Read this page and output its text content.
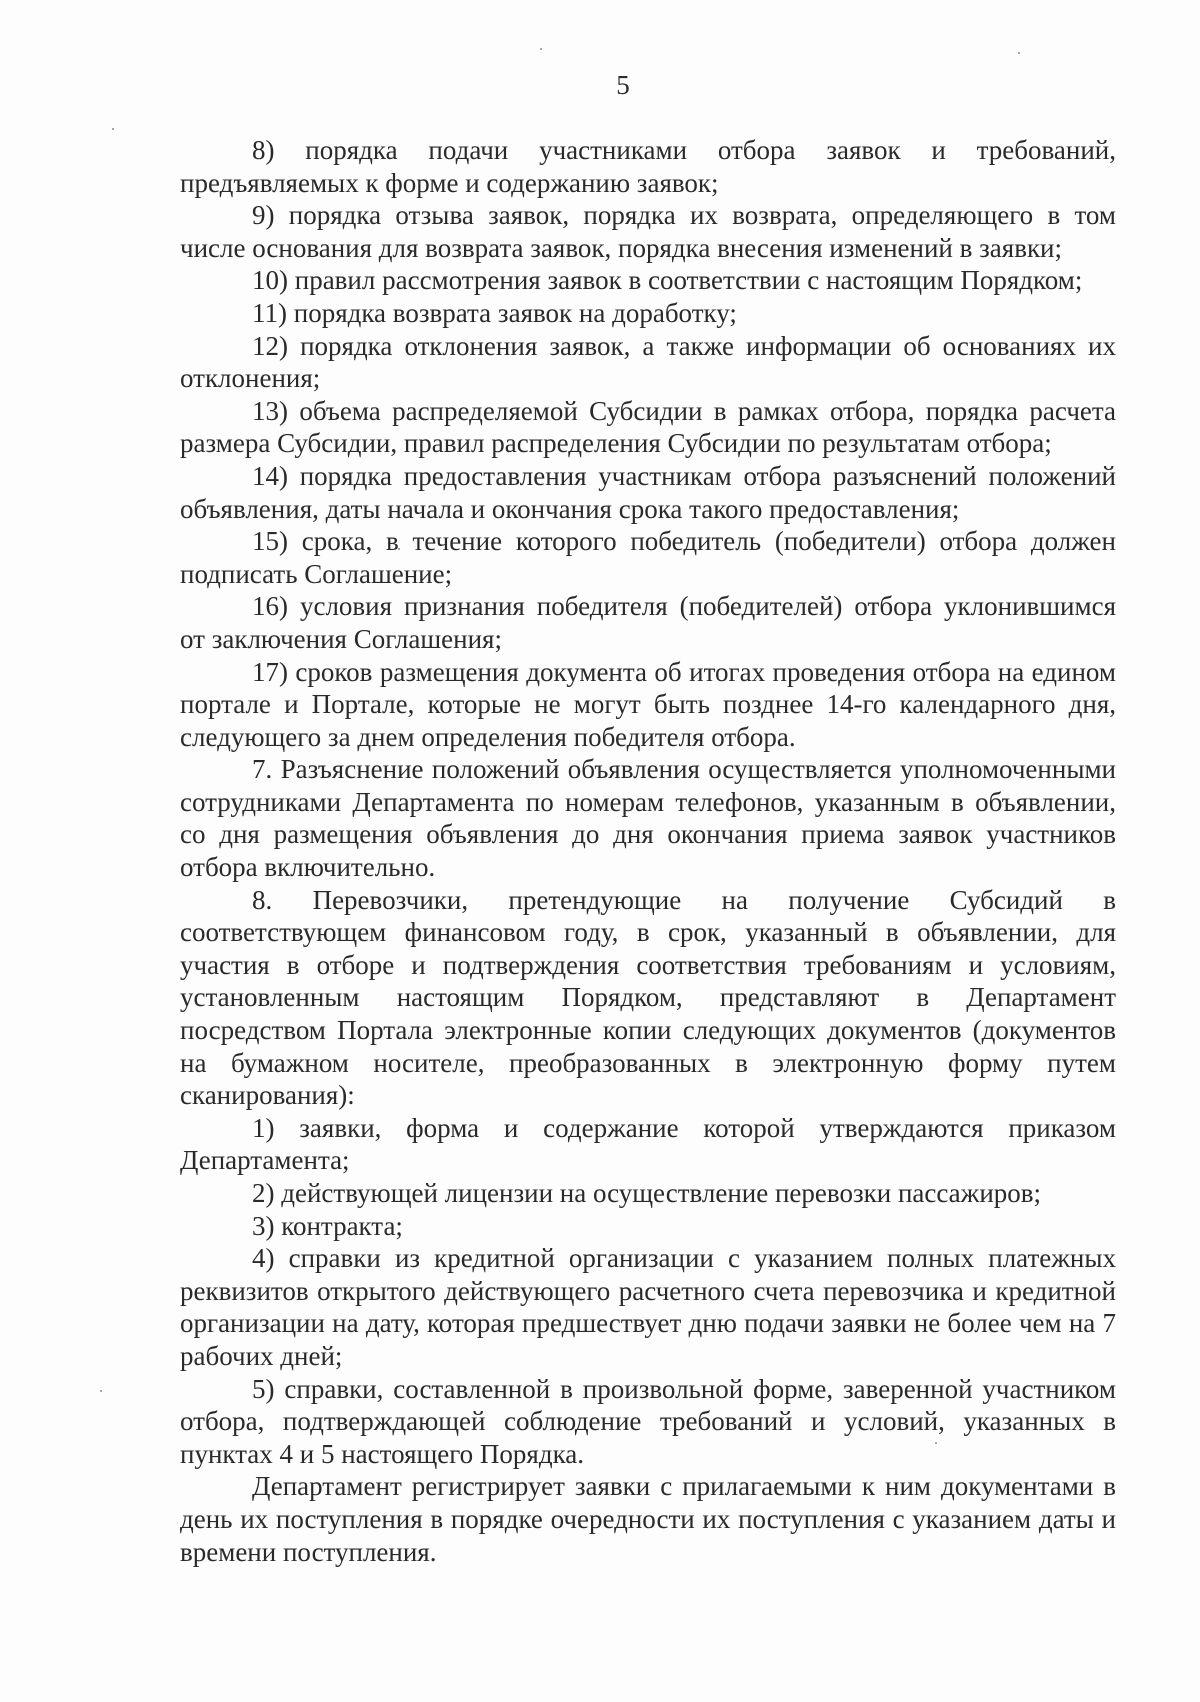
5

8) порядка подачи участниками отбора заявок и требований, предъявляемых к форме и содержанию заявок;

9) порядка отзыва заявок, порядка их возврата, определяющего в том числе основания для возврата заявок, порядка внесения изменений в заявки;

10) правил рассмотрения заявок в соответствии с настоящим Порядком;

11) порядка возврата заявок на доработку;

12) порядка отклонения заявок, а также информации об основаниях их отклонения;

13) объема распределяемой Субсидии в рамках отбора, порядка расчета размера Субсидии, правил распределения Субсидии по результатам отбора;

14) порядка предоставления участникам отбора разъяснений положений объявления, даты начала и окончания срока такого предоставления;

15) срока, в течение которого победитель (победители) отбора должен подписать Соглашение;

16) условия признания победителя (победителей) отбора уклонившимся от заключения Соглашения;

17) сроков размещения документа об итогах проведения отбора на едином портале и Портале, которые не могут быть позднее 14-го календарного дня, следующего за днем определения победителя отбора.

7. Разъяснение положений объявления осуществляется уполномоченными сотрудниками Департамента по номерам телефонов, указанным в объявлении, со дня размещения объявления до дня окончания приема заявок участников отбора включительно.

8. Перевозчики, претендующие на получение Субсидий в соответствующем финансовом году, в срок, указанный в объявлении, для участия в отборе и подтверждения соответствия требованиям и условиям, установленным настоящим Порядком, представляют в Департамент посредством Портала электронные копии следующих документов (документов на бумажном носителе, преобразованных в электронную форму путем сканирования):

1) заявки, форма и содержание которой утверждаются приказом Департамента;

2) действующей лицензии на осуществление перевозки пассажиров;

3) контракта;

4) справки из кредитной организации с указанием полных платежных реквизитов открытого действующего расчетного счета перевозчика и кредитной организации на дату, которая предшествует дню подачи заявки не более чем на 7 рабочих дней;

5) справки, составленной в произвольной форме, заверенной участником отбора, подтверждающей соблюдение требований и условий, указанных в пунктах 4 и 5 настоящего Порядка.

Департамент регистрирует заявки с прилагаемыми к ним документами в день их поступления в порядке очередности их поступления с указанием даты и времени поступления.
